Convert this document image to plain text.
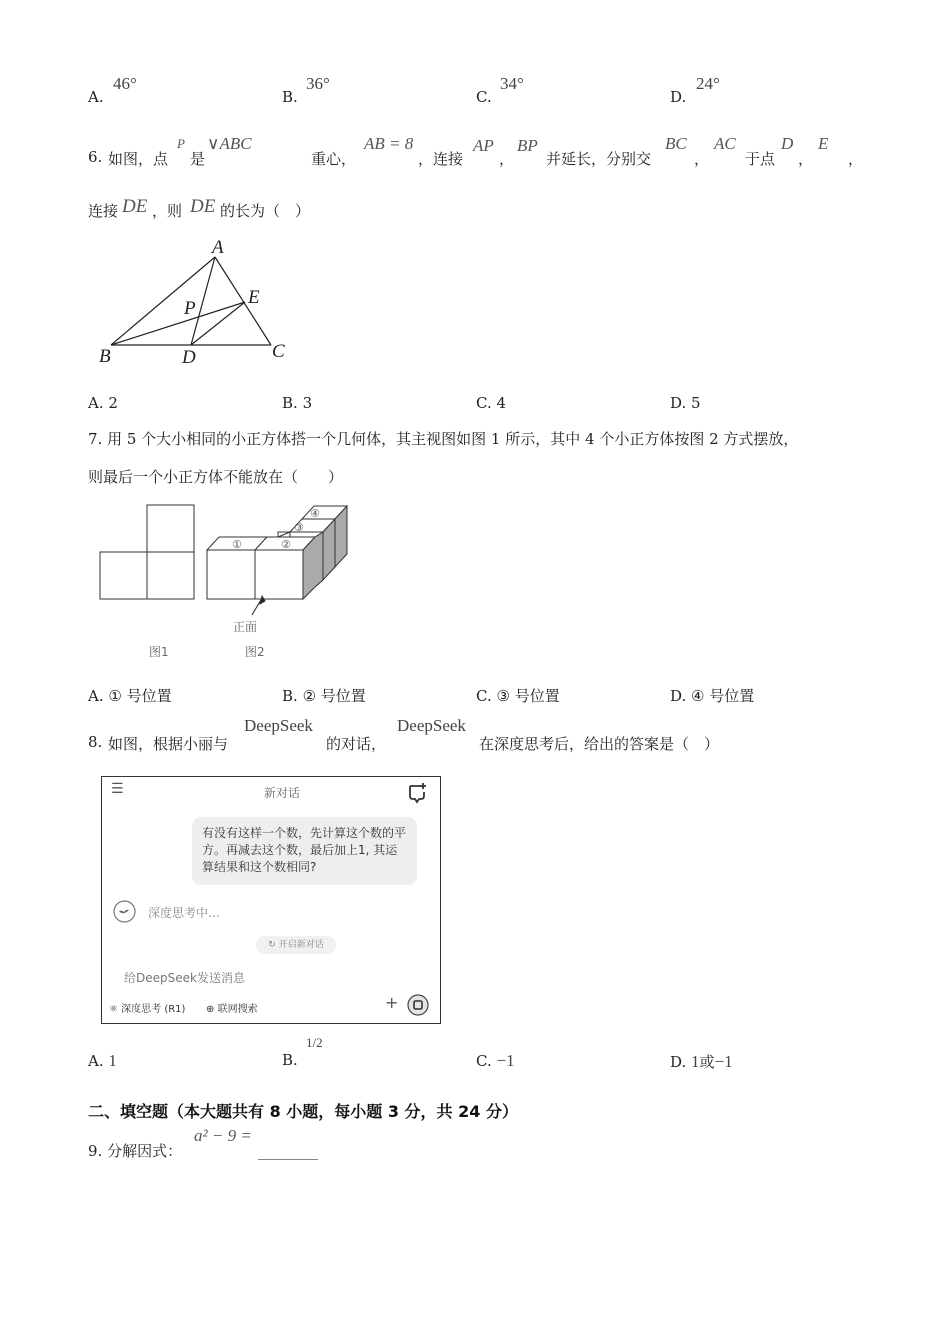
A.
46°
B.
36°
C.
34°
D.
24°
6. 如图，点
P
是
∨ABC
重心，
AB = 8
，连接
AP
，
BP
并延长，分别交
BC
，
AC
于点
D
，
E
，
连接 DE ，则 DE 的长为（　）
A
B	C
D
E
P
A. 2	B. 3	C. 4	D. 5
7. 用 5 个大小相同的小正方体搭一个几何体，其主视图如图 1 所示，其中 4 个小正方体按图 2 方式摆放，
则最后一个小正方体不能放在（　　）
①	②
③
④
正面
图1	图2
A. ① 号位置	B. ② 号位置	C. ③ 号位置	D. ④ 号位置
8. 如图，根据小丽与
DeepSeek
的对话，
DeepSeek
在深度思考后，给出的答案是（　）
☰	新对话
有没有这样一个数，先计算这个数的平方。再减去这个数，最后加上1, 其运算结果和这个数相同?
深度思考中…
↻ 开启新对话
给DeepSeek发送消息
⚛ 深度思考 (R1) ⊕ 联网搜索	+
A. 1	B.
1/2
C. −1	D. 1或−1
二、填空题（本大题共有 8 小题，每小题 3 分，共 24 分）
9. 分解因式：
a² − 9 =
________
